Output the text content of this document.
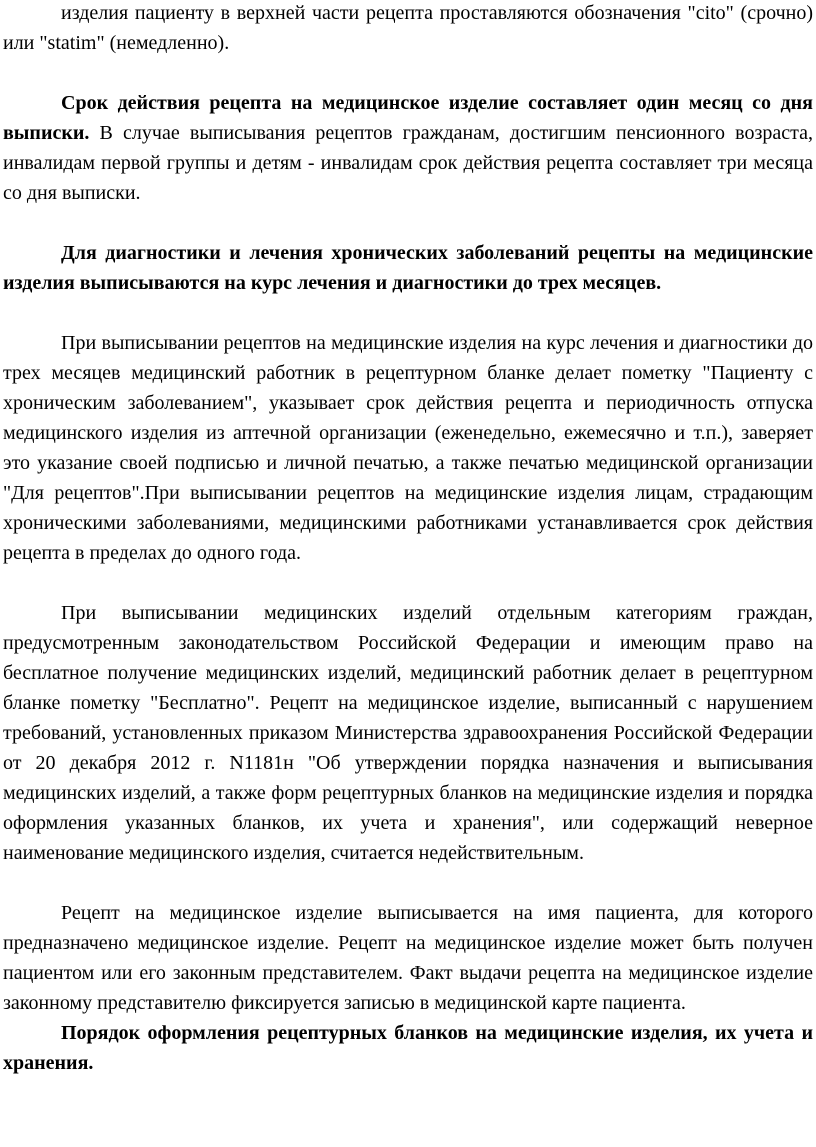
изделия пациенту в верхней части рецепта проставляются обозначения "cito" (срочно) или "statim" (немедленно).

Срок действия рецепта на медицинское изделие составляет один месяц со дня выписки. В случае выписывания рецептов гражданам, достигшим пенсионного возраста, инвалидам первой группы и детям - инвалидам срок действия рецепта составляет три месяца со дня выписки.

Для диагностики и лечения хронических заболеваний рецепты на медицинские изделия выписываются на курс лечения и диагностики до трех месяцев.

При выписывании рецептов на медицинские изделия на курс лечения и диагностики до трех месяцев медицинский работник в рецептурном бланке делает пометку "Пациенту с хроническим заболеванием", указывает срок действия рецепта и периодичность отпуска медицинского изделия из аптечной организации (еженедельно, ежемесячно и т.п.), заверяет это указание своей подписью и личной печатью, а также печатью медицинской организации "Для рецептов".При выписывании рецептов на медицинские изделия лицам, страдающим хроническими заболеваниями, медицинскими работниками устанавливается срок действия рецепта в пределах до одного года.

При выписывании медицинских изделий отдельным категориям граждан, предусмотренным законодательством Российской Федерации и имеющим право на бесплатное получение медицинских изделий, медицинский работник делает в рецептурном бланке пометку "Бесплатно". Рецепт на медицинское изделие, выписанный с нарушением требований, установленных приказом Министерства здравоохранения Российской Федерации от 20 декабря 2012 г. N1181н "Об утверждении порядка назначения и выписывания медицинских изделий, а также форм рецептурных бланков на медицинские изделия и порядка оформления указанных бланков, их учета и хранения", или содержащий неверное наименование медицинского изделия, считается недействительным.

Рецепт на медицинское изделие выписывается на имя пациента, для которого предназначено медицинское изделие. Рецепт на медицинское изделие может быть получен пациентом или его законным представителем. Факт выдачи рецепта на медицинское изделие законному представителю фиксируется записью в медицинской карте пациента.

Порядок оформления рецептурных бланков на медицинские изделия, их учета и хранения.
